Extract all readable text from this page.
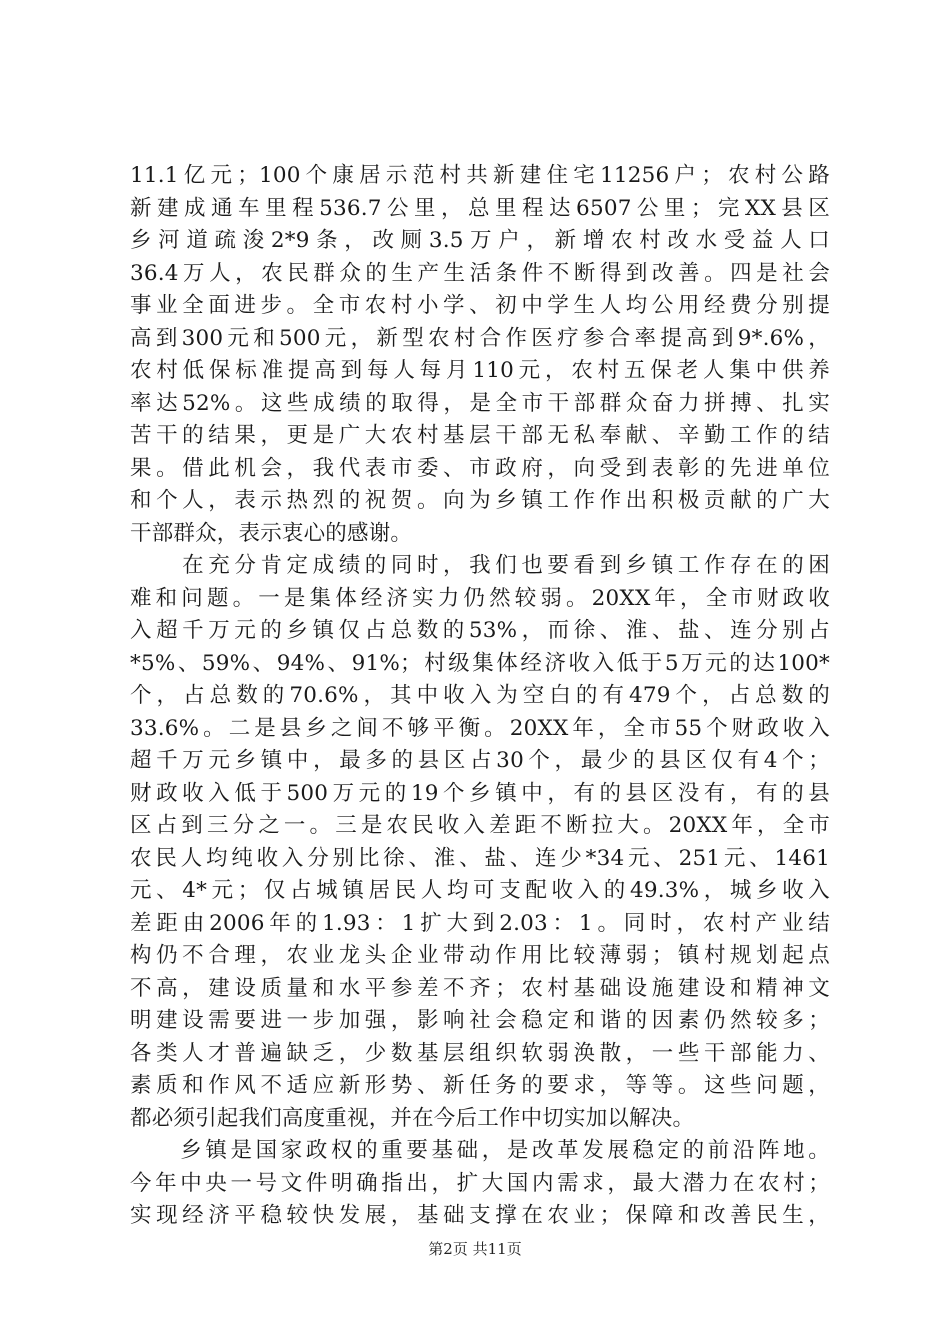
11.1亿元；100个康居示范村共新建住宅11256户；农村公路
新建成通车里程536.7公里，总里程达6507公里；完XX县区
乡河道疏浚2*9条，改厕3.5万户，新增农村改水受益人口
36.4万人，农民群众的生产生活条件不断得到改善。四是社会
事业全面进步。全市农村小学、初中学生人均公用经费分别提
高到300元和500元，新型农村合作医疗参合率提高到9*.6%，
农村低保标准提高到每人每月110元，农村五保老人集中供养
率达52%。这些成绩的取得，是全市干部群众奋力拼搏、扎实
苦干的结果，更是广大农村基层干部无私奉献、辛勤工作的结
果。借此机会，我代表市委、市政府，向受到表彰的先进单位
和个人，表示热烈的祝贺。向为乡镇工作作出积极贡献的广大
干部群众，表示衷心的感谢。
　　在充分肯定成绩的同时，我们也要看到乡镇工作存在的困
难和问题。一是集体经济实力仍然较弱。20XX年，全市财政收
入超千万元的乡镇仅占总数的53%，而徐、淮、盐、连分别占
*5%、59%、94%、91%；村级集体经济收入低于5万元的达100*
个，占总数的70.6%，其中收入为空白的有479个，占总数的
33.6%。二是县乡之间不够平衡。20XX年，全市55个财政收入
超千万元乡镇中，最多的县区占30个，最少的县区仅有4个；
财政收入低于500万元的19个乡镇中，有的县区没有，有的县
区占到三分之一。三是农民收入差距不断拉大。20XX年，全市
农民人均纯收入分别比徐、淮、盐、连少*34元、251元、1461
元、4*元；仅占城镇居民人均可支配收入的49.3%，城乡收入
差距由2006年的1.93：1扩大到2.03：1。同时，农村产业结
构仍不合理，农业龙头企业带动作用比较薄弱；镇村规划起点
不高，建设质量和水平参差不齐；农村基础设施建设和精神文
明建设需要进一步加强，影响社会稳定和谐的因素仍然较多；
各类人才普遍缺乏，少数基层组织软弱涣散，一些干部能力、
素质和作风不适应新形势、新任务的要求，等等。这些问题，
都必须引起我们高度重视，并在今后工作中切实加以解决。
　　乡镇是国家政权的重要基础，是改革发展稳定的前沿阵地。
今年中央一号文件明确指出，扩大国内需求，最大潜力在农村；
实现经济平稳较快发展，基础支撑在农业；保障和改善民生，
第2页 共11页
